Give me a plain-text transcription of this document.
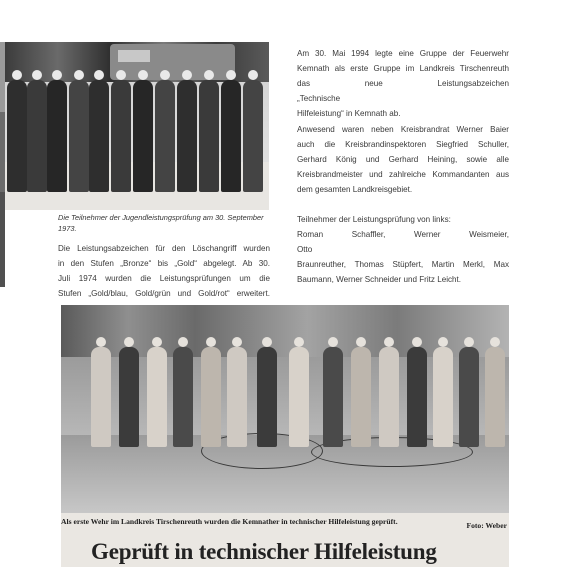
Die Teilnehmer der Jugendleistungsprüfung am 30. September 1973.

Die Leistungsabzeichen für den Löschangriff wurden
in den Stufen „Bronze“ bis „Gold“ abgelegt. Ab 30.
Juli 1974 wurden die Leistungsprüfungen um die
Stufen „Gold/blau, Gold/grün und Gold/rot“ erweitert.

Am 30. Mai 1994 legte eine Gruppe der Feuerwehr
Kemnath als erste Gruppe im Landkreis Tirschenreuth
das neue Leistungsabzeichen „Technische
Hilfeleistung“ in Kemnath ab.

Anwesend waren neben Kreisbrandrat Werner Baier
auch die Kreisbrandinspektoren Siegfried Schuller,
Gerhard König und Gerhard Heining, sowie alle
Kreisbrandmeister und zahlreiche Kommandanten aus
dem gesamten Landkreisgebiet.

Teilnehmer der Leistungsprüfung von links:
Roman Schaffler, Werner Weismeier, Otto
Braunreuther, Thomas Stüpfert, Martin Merkl, Max
Baumann, Werner Schneider und Fritz Leicht.

Als erste Wehr im Landkreis Tirschenreuth wurden die Kemnather in technischer Hilfeleistung geprüft.	Foto: Weber
Geprüft in technischer Hilfeleistung
